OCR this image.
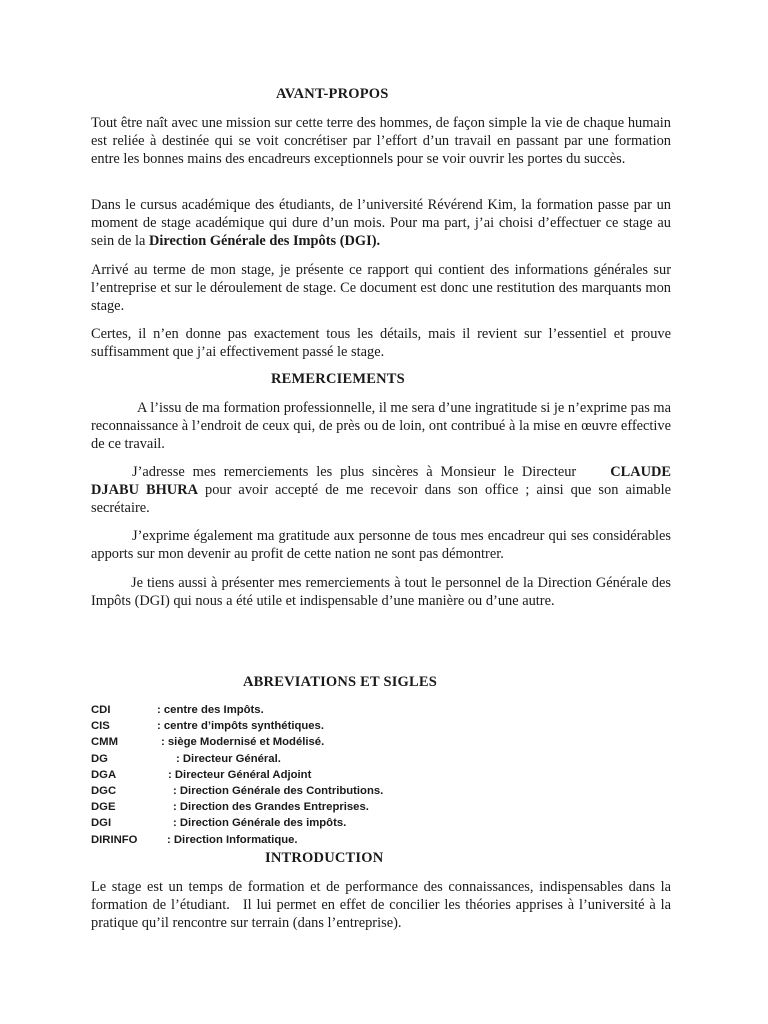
AVANT-PROPOS

Tout être naît avec une mission sur cette terre des hommes, de façon simple la vie de chaque humain est reliée à destinée qui se voit concrétiser par l’effort d’un travail en passant par une formation entre les bonnes mains des encadreurs exceptionnels pour se voir ouvrir les portes du succès.

Dans le cursus académique des étudiants, de l’université Révérend Kim, la formation passe par un moment de stage académique qui dure d’un mois. Pour ma part, j’ai choisi d’effectuer ce stage au sein de la Direction Générale des Impôts (DGI).

Arrivé au terme de mon stage, je présente ce rapport qui contient des informations générales sur l’entreprise et sur le déroulement de stage. Ce document est donc une restitution des marquants mon stage.

Certes, il n’en donne pas exactement tous les détails, mais il revient sur l’essentiel et prouve suffisamment que j’ai effectivement passé le stage.

REMERCIEMENTS

A l’issu de ma formation professionnelle, il me sera d’une ingratitude si je n’exprime pas ma reconnaissance à l’endroit de ceux qui, de près ou de loin, ont contribué à la mise en œuvre effective de ce travail.

J’adresse mes remerciements les plus sincères à Monsieur le Directeur CLAUDE DJABU BHURA pour avoir accepté de me recevoir dans son office ; ainsi que son aimable secrétaire.

J’exprime également ma gratitude aux personne de tous mes encadreur qui ses considérables apports sur mon devenir au profit de cette nation ne sont pas démontrer.

Je tiens aussi à présenter mes remerciements à tout le personnel de la Direction Générale des Impôts (DGI) qui nous a été utile et indispensable d’une manière ou d’une autre.

ABREVIATIONS ET SIGLES
CDI	: centre des Impôts.
CIS	: centre d’impôts synthétiques.
CMM	: siège Modernisé et Modélisé.
DG	: Directeur Général.
DGA	: Directeur Général Adjoint
DGC	: Direction Générale des Contributions.
DGE	: Direction des Grandes Entreprises.
DGI	: Direction Générale des impôts.
DIRINFO	: Direction Informatique.
INTRODUCTION

Le stage est un temps de formation et de performance des connaissances, indispensables dans la formation de l’étudiant. Il lui permet en effet de concilier les théories apprises à l’université à la pratique qu’il rencontre sur terrain (dans l’entreprise).
